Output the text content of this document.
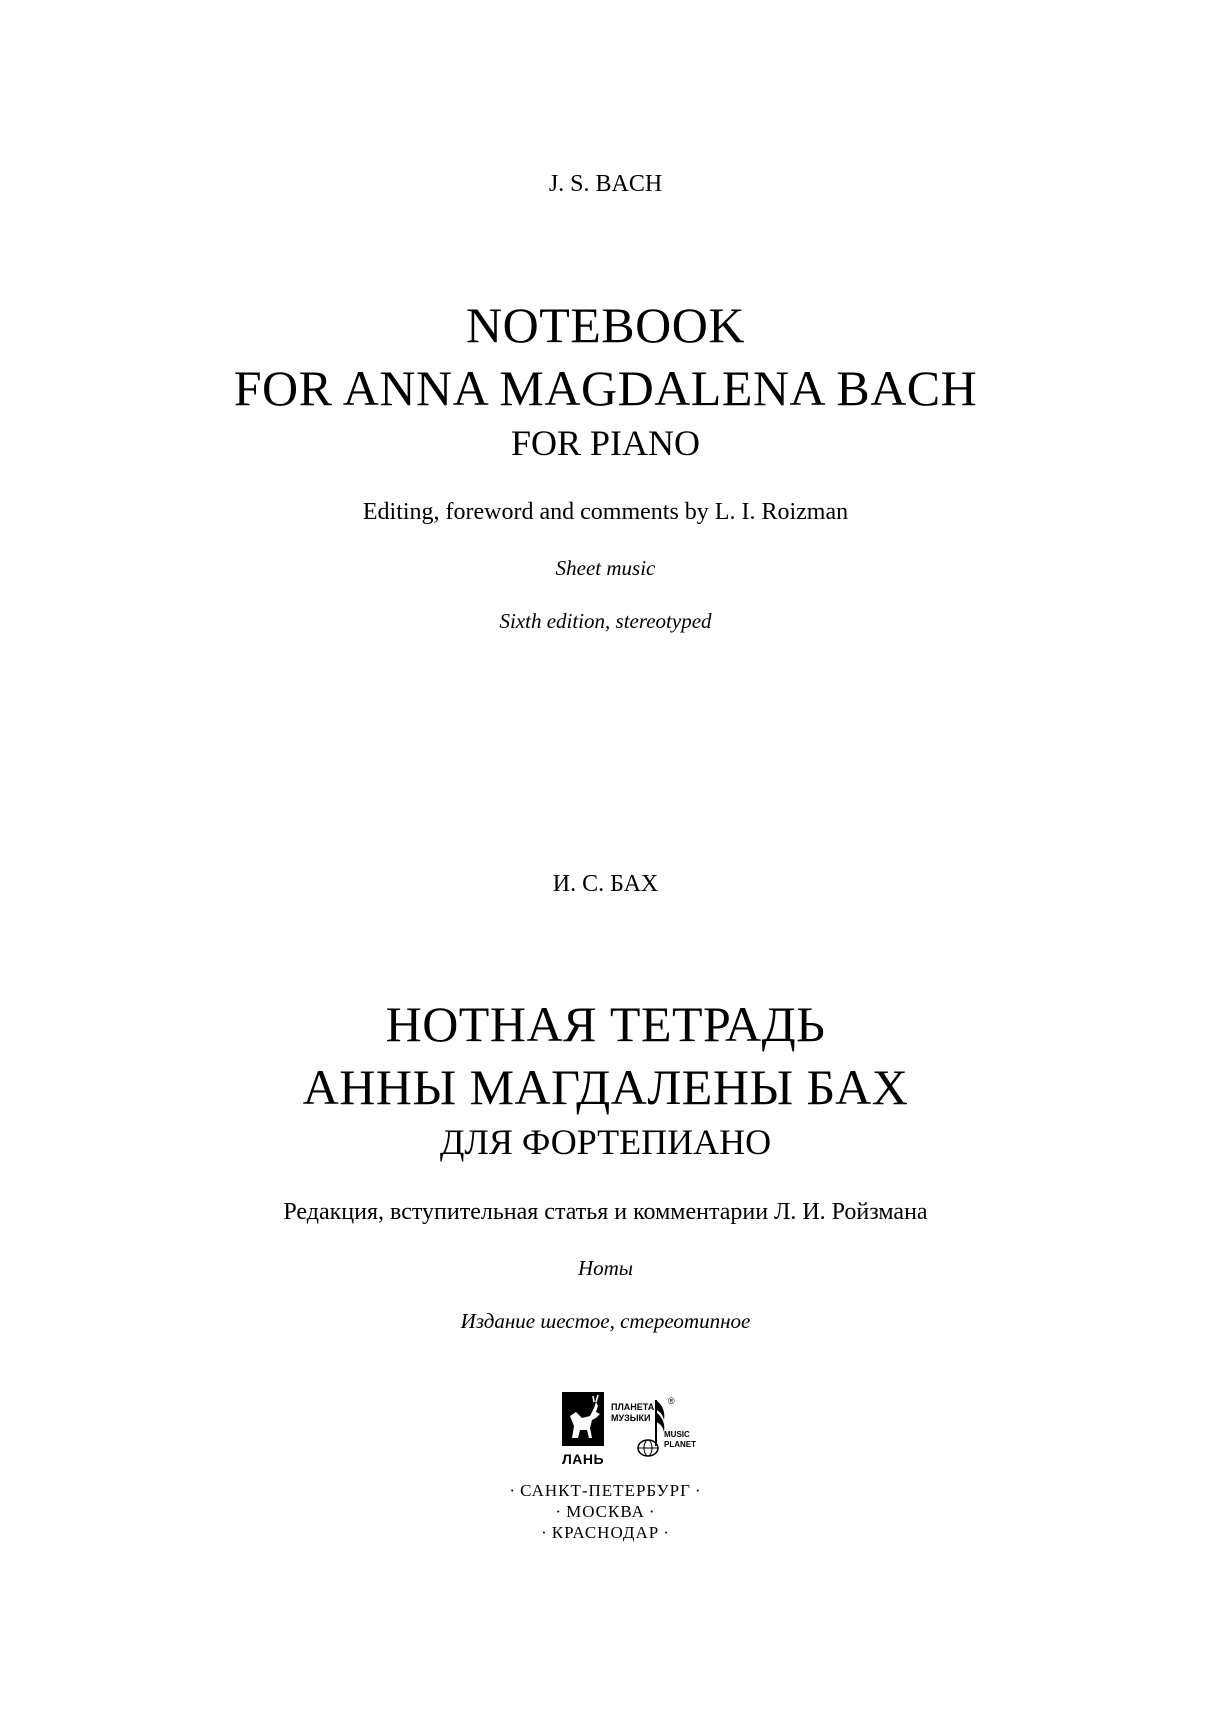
J. S. BACH
NOTEBOOK
FOR ANNA MAGDALENA BACH
FOR PIANO
Editing, foreword and comments by L. I. Roizman
Sheet music
Sixth edition, stereotyped
И. С. БАХ
НОТНАЯ ТЕТРАДЬ
АННЫ МАГДАЛЕНЫ БАХ
ДЛЯ ФОРТЕПИАНО
Редакция, вступительная статья и комментарии Л. И. Ройзмана
Ноты
Издание шестое, стереотипное
ЛАНЬ
ПЛАНЕТА
МУЗЫКИ
®
MUSIC
PLANET
· САНКТ-ПЕТЕРБУРГ ·
· МОСКВА ·
· КРАСНОДАР ·
